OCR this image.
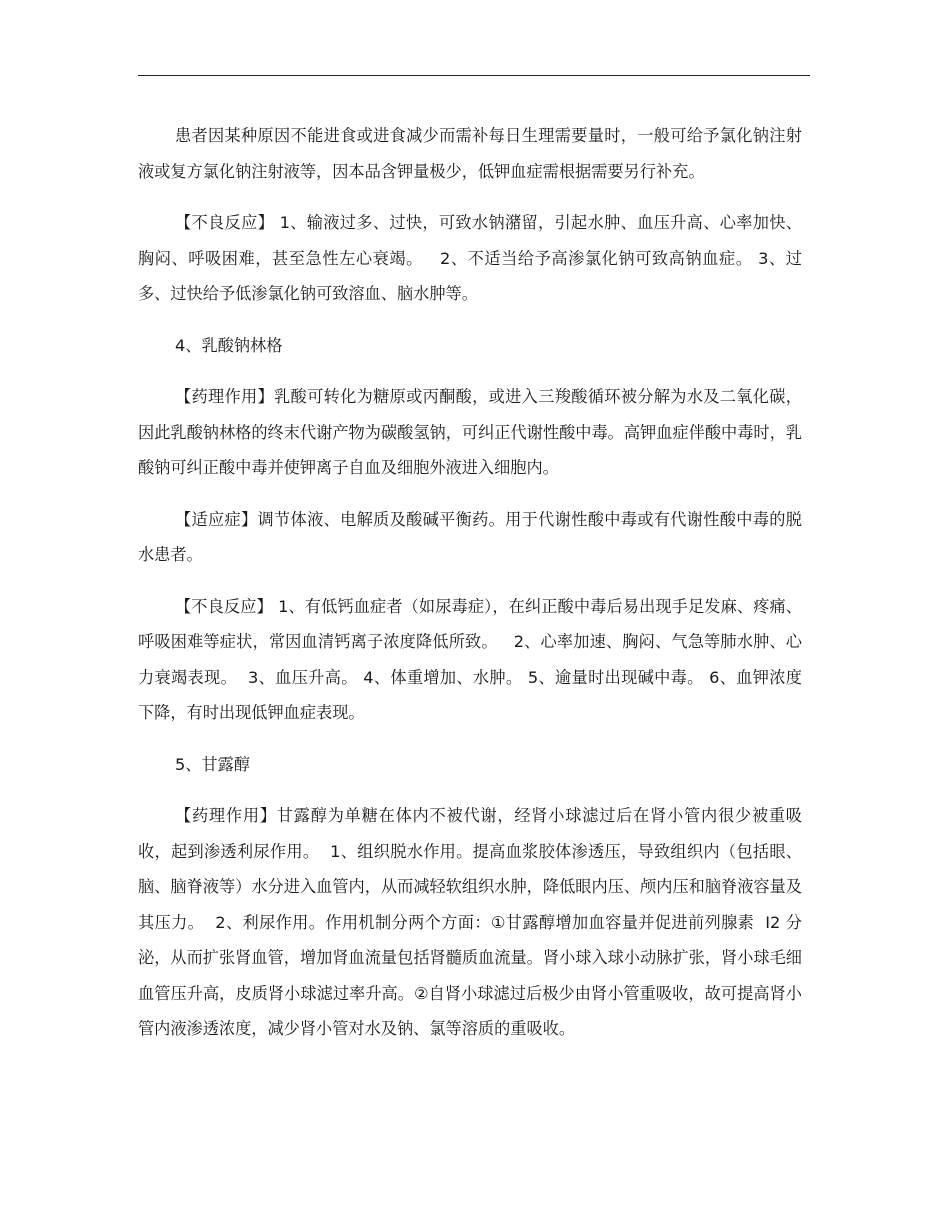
患者因某种原因不能进食或进食减少而需补每日生理需要量时，一般可给予氯化钠注射液或复方氯化钠注射液等，因本品含钾量极少，低钾血症需根据需要另行补充。

【不良反应】 1、输液过多、过快，可致水钠潴留，引起水肿、血压升高、心率加快、胸闷、呼吸困难，甚至急性左心衰竭。   2、不适当给予高渗氯化钠可致高钠血症。 3、过多、过快给予低渗氯化钠可致溶血、脑水肿等。

4、乳酸钠林格

【药理作用】乳酸可转化为糖原或丙酮酸，或进入三羧酸循环被分解为水及二氧化碳，因此乳酸钠林格的终末代谢产物为碳酸氢钠，可纠正代谢性酸中毒。高钾血症伴酸中毒时，乳酸钠可纠正酸中毒并使钾离子自血及细胞外液进入细胞内。

【适应症】调节体液、电解质及酸碱平衡药。用于代谢性酸中毒或有代谢性酸中毒的脱水患者。

【不良反应】 1、有低钙血症者（如尿毒症），在纠正酸中毒后易出现手足发麻、疼痛、呼吸困难等症状，常因血清钙离子浓度降低所致。   2、心率加速、胸闷、气急等肺水肿、心力衰竭表现。  3、血压升高。 4、体重增加、水肿。 5、逾量时出现碱中毒。 6、血钾浓度下降，有时出现低钾血症表现。

5、甘露醇

【药理作用】甘露醇为单糖在体内不被代谢，经肾小球滤过后在肾小管内很少被重吸收，起到渗透利尿作用。  1、组织脱水作用。提高血浆胶体渗透压，导致组织内（包括眼、脑、脑脊液等）水分进入血管内，从而减轻软组织水肿，降低眼内压、颅内压和脑脊液容量及其压力。  2、利尿作用。作用机制分两个方面：①甘露醇增加血容量并促进前列腺素  I2 分泌，从而扩张肾血管，增加肾血流量包括肾髓质血流量。肾小球入球小动脉扩张，肾小球毛细血管压升高，皮质肾小球滤过率升高。②自肾小球滤过后极少由肾小管重吸收，故可提高肾小管内液渗透浓度，减少肾小管对水及钠、氯等溶质的重吸收。
